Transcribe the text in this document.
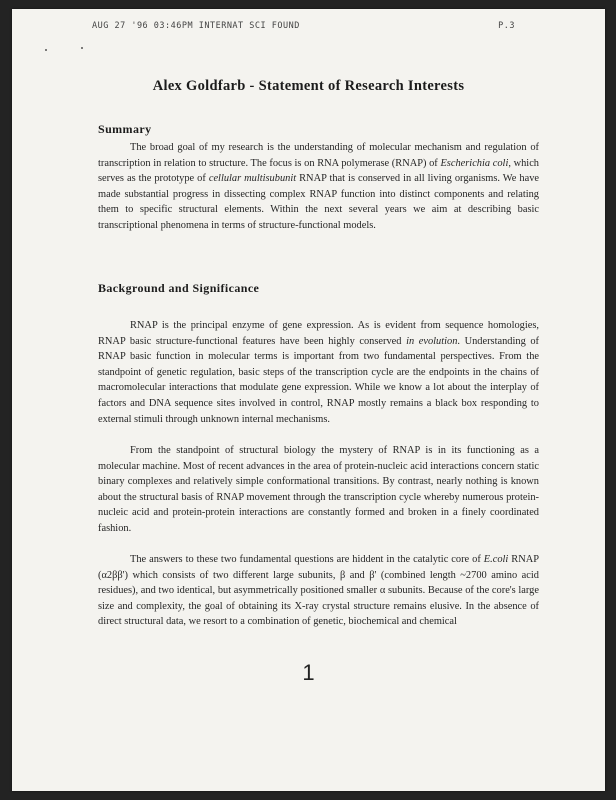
AUG 27 '96 03:46PM INTERNAT SCI FOUND	P.3
Alex Goldfarb - Statement of Research Interests
Summary

The broad goal of my research is the understanding of molecular mechanism and regulation of transcription in relation to structure. The focus is on RNA polymerase (RNAP) of Escherichia coli, which serves as the prototype of cellular multisubunit RNAP that is conserved in all living organisms. We have made substantial progress in dissecting complex RNAP function into distinct components and relating them to specific structural elements. Within the next several years we aim at describing basic transcriptional phenomena in terms of structure-functional models.

Background and Significance

RNAP is the principal enzyme of gene expression. As is evident from sequence homologies, RNAP basic structure-functional features have been highly conserved in evolution. Understanding of RNAP basic function in molecular terms is important from two fundamental perspectives. From the standpoint of genetic regulation, basic steps of the transcription cycle are the endpoints in the chains of macromolecular interactions that modulate gene expression. While we know a lot about the interplay of factors and DNA sequence sites involved in control, RNAP mostly remains a black box responding to external stimuli through unknown internal mechanisms.

From the standpoint of structural biology the mystery of RNAP is in its functioning as a molecular machine. Most of recent advances in the area of protein-nucleic acid interactions concern static binary complexes and relatively simple conformational transitions. By contrast, nearly nothing is known about the structural basis of RNAP movement through the transcription cycle whereby numerous protein-nucleic acid and protein-protein interactions are constantly formed and broken in a finely coordinated fashion.

The answers to these two fundamental questions are hiddent in the catalytic core of E.coli RNAP (α2ββ') which consists of two different large subunits, β and β' (combined length ~2700 amino acid residues), and two identical, but asymmetrically positioned smaller α subunits. Because of the core's large size and complexity, the goal of obtaining its X-ray crystal structure remains elusive. In the absence of direct structural data, we resort to a combination of genetic, biochemical and chemical

1
